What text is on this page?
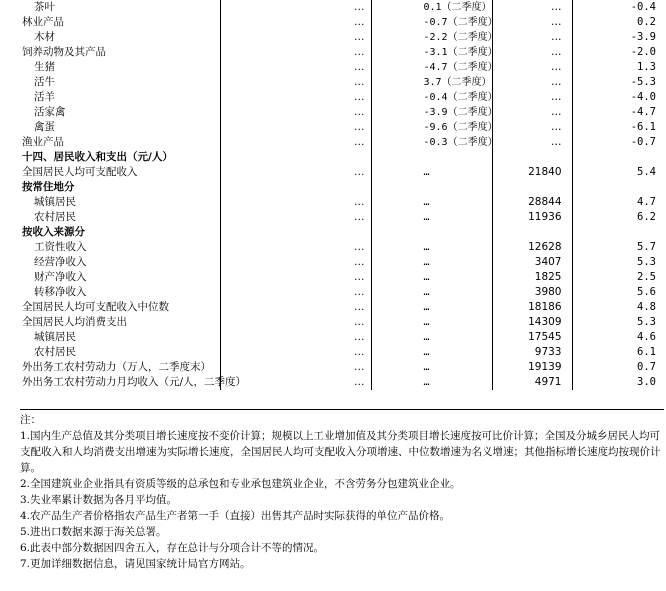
茶叶	…	0.1（二季度）	…	-0.4
林业产品	…	-0.7（二季度）	…	0.2
木材	…	-2.2（二季度）	…	-3.9
饲养动物及其产品	…	-3.1（二季度）	…	-2.0
生猪	…	-4.7（二季度）	…	1.3
活牛	…	3.7（二季度）	…	-5.3
活羊	…	-0.4（二季度）	…	-4.0
活家禽	…	-3.9（二季度）	…	-4.7
禽蛋	…	-9.6（二季度）	…	-6.1
渔业产品	…	-0.3（二季度）	…	-0.7
十四、居民收入和支出（元/人）				
全国居民人均可支配收入	…	…	21840	5.4
按常住地分				
城镇居民	…	…	28844	4.7
农村居民	…	…	11936	6.2
按收入来源分				
工资性收入	…	…	12628	5.7
经营净收入	…	…	3407	5.3
财产净收入	…	…	1825	2.5
转移净收入	…	…	3980	5.6
全国居民人均可支配收入中位数	…	…	18186	4.8
全国居民人均消费支出	…	…	14309	5.3
城镇居民	…	…	17545	4.6
农村居民	…	…	9733	6.1
外出务工农村劳动力（万人，二季度末）	…	…	19139	0.7
外出务工农村劳动力月均收入（元/人，二季度）	…	…	4971	3.0
注：
1.国内生产总值及其分类项目增长速度按不变价计算；规模以上工业增加值及其分类项目增长速度按可比价计算；全国及分城乡居民人均可支配收入和人均消费支出增速为实际增长速度，全国居民人均可支配收入分项增速、中位数增速为名义增速；其他指标增长速度均按现价计算。
2.全国建筑业企业指具有资质等级的总承包和专业承包建筑业企业，不含劳务分包建筑业企业。
3.失业率累计数据为各月平均值。
4.农产品生产者价格指农产品生产者第一手（直接）出售其产品时实际获得的单位产品价格。
5.进出口数据来源于海关总署。
6.此表中部分数据因四舍五入，存在总计与分项合计不等的情况。
7.更加详细数据信息，请见国家统计局官方网站。
